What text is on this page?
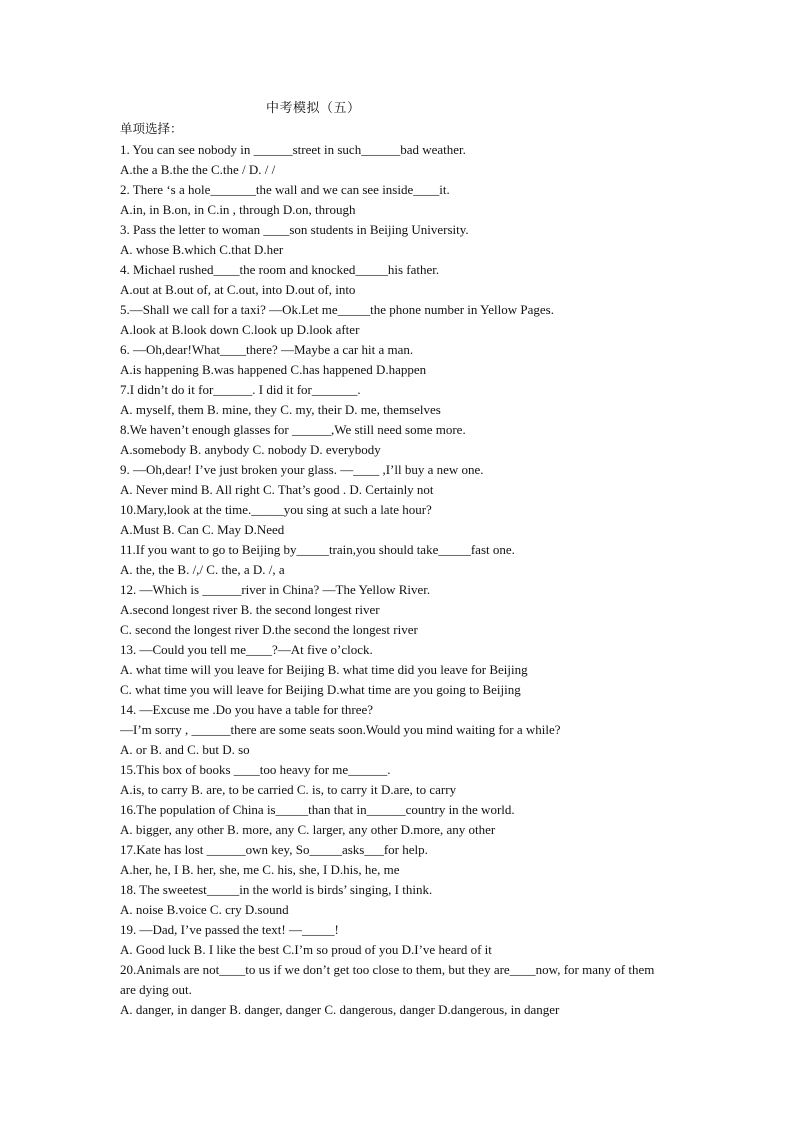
中考模拟（五）
单项选择：
1. You can see nobody in ______street in such______bad weather.
A.the a B.the the C.the / D. / /
2. There ‘s a hole_______the wall and we can see inside____it.
A.in, in B.on, in C.in , through D.on, through
3. Pass the letter to woman ____son students in Beijing University.
A. whose B.which C.that D.her
4. Michael rushed____the room and knocked_____his father.
A.out at B.out of, at C.out, into D.out of, into
5.—Shall we call for a taxi? —Ok.Let me_____the phone number in Yellow Pages.
A.look at B.look down C.look up D.look after
6. —Oh,dear!What____there? —Maybe a car hit a man.
A.is happening B.was happened C.has happened D.happen
7.I didn’t do it for______. I did it for_______.
A. myself, them B. mine, they C. my, their D. me, themselves
8.We haven’t enough glasses for ______,We still need some more.
A.somebody B. anybody C. nobody D. everybody
9. —Oh,dear! I’ve just broken your glass. —____ ,I’ll buy a new one.
A. Never mind B. All right C. That’s good . D. Certainly not
10.Mary,look at the time._____you sing at such a late hour?
A.Must B. Can C. May D.Need
11.If you want to go to Beijing by_____train,you should take_____fast one.
A. the, the B. /,/ C. the, a D. /, a
12. —Which is ______river in China? —The Yellow River.
A.second longest river B. the second longest river
C. second the longest river D.the second the longest river
13. —Could you tell me____?—At five o’clock.
A. what time will you leave for Beijing B. what time did you leave for Beijing
C. what time you will leave for Beijing D.what time are you going to Beijing
14. —Excuse me .Do you have a table for three?
—I’m sorry , ______there are some seats soon.Would you mind waiting for a while?
A. or B. and C. but D. so
15.This box of books ____too heavy for me______.
A.is, to carry B. are, to be carried C. is, to carry it D.are, to carry
16.The population of China is_____than that in______country in the world.
A. bigger, any other B. more, any C. larger, any other D.more, any other
17.Kate has lost ______own key, So_____asks___for help.
A.her, he, I B. her, she, me C. his, she, I D.his, he, me
18. The sweetest_____in the world is birds’ singing, I think.
A. noise B.voice C. cry D.sound
19. —Dad, I’ve passed the text! —_____!
A. Good luck B. I like the best C.I’m so proud of you D.I’ve heard of it
20.Animals are not____to us if we don’t get too close to them, but they are____now, for many of them are dying out.
A. danger, in danger B. danger, danger C. dangerous, danger D.dangerous, in danger
